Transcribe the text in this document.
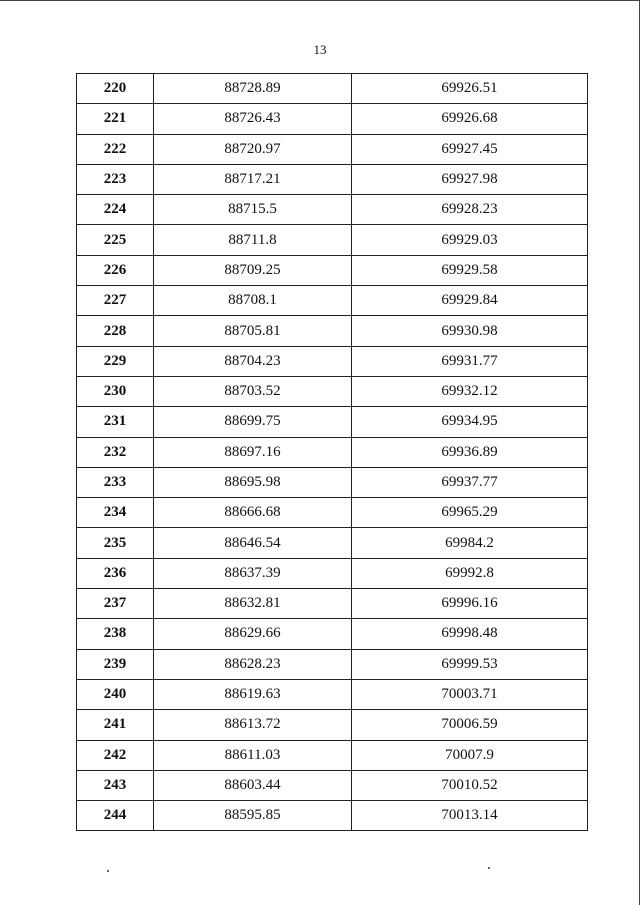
13
220	88728.89	69926.51
221	88726.43	69926.68
222	88720.97	69927.45
223	88717.21	69927.98
224	88715.5	69928.23
225	88711.8	69929.03
226	88709.25	69929.58
227	88708.1	69929.84
228	88705.81	69930.98
229	88704.23	69931.77
230	88703.52	69932.12
231	88699.75	69934.95
232	88697.16	69936.89
233	88695.98	69937.77
234	88666.68	69965.29
235	88646.54	69984.2
236	88637.39	69992.8
237	88632.81	69996.16
238	88629.66	69998.48
239	88628.23	69999.53
240	88619.63	70003.71
241	88613.72	70006.59
242	88611.03	70007.9
243	88603.44	70010.52
244	88595.85	70013.14
